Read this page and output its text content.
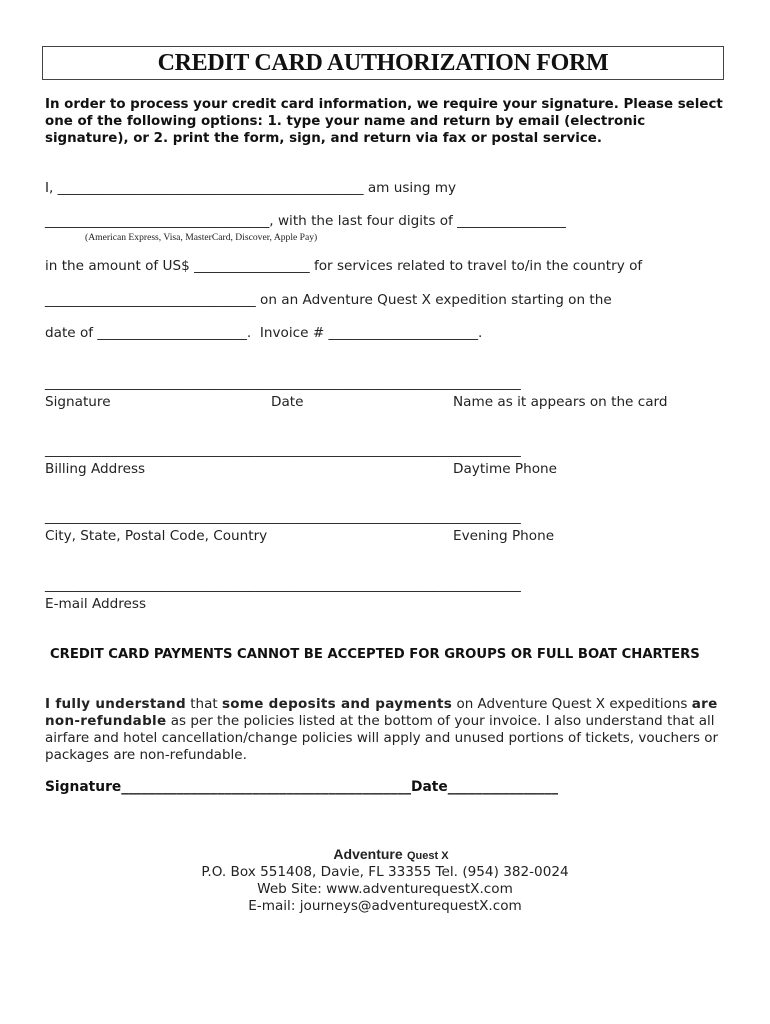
CREDIT CARD AUTHORIZATION FORM
In order to process your credit card information, we require your signature. Please select one of the following options: 1. type your name and return by email (electronic signature), or 2. print the form, sign, and return via fax or postal service.
I, _____________________________________________ am using my
_________________________________, with the last four digits of ________________
(American Express, Visa, MasterCard, Discover, Apple Pay)
in the amount of US$ _________________ for services related to travel to/in the country of
_______________________________ on an Adventure Quest X expedition starting on the
date of ______________________.  Invoice # ______________________.
______________________________________________________________________
Signature	Date	Name as it appears on the card
______________________________________________________________________
Billing Address	Daytime Phone
______________________________________________________________________
City, State, Postal Code, Country	Evening Phone
______________________________________________________________________
E-mail Address
CREDIT CARD PAYMENTS CANNOT BE ACCEPTED FOR GROUPS OR FULL BOAT CHARTERS
I fully understand that some deposits and payments on Adventure Quest X expeditions are non-refundable as per the policies listed at the bottom of your invoice. I also understand that all airfare and hotel cancellation/change policies will apply and unused portions of tickets, vouchers or packages are non-refundable.
Signature__________________________________________Date________________
Adventure Quest X
P.O. Box 551408, Davie, FL 33355 Tel. (954) 382-0024
Web Site: www.adventurequestX.com
E-mail: journeys@adventurequestX.com
